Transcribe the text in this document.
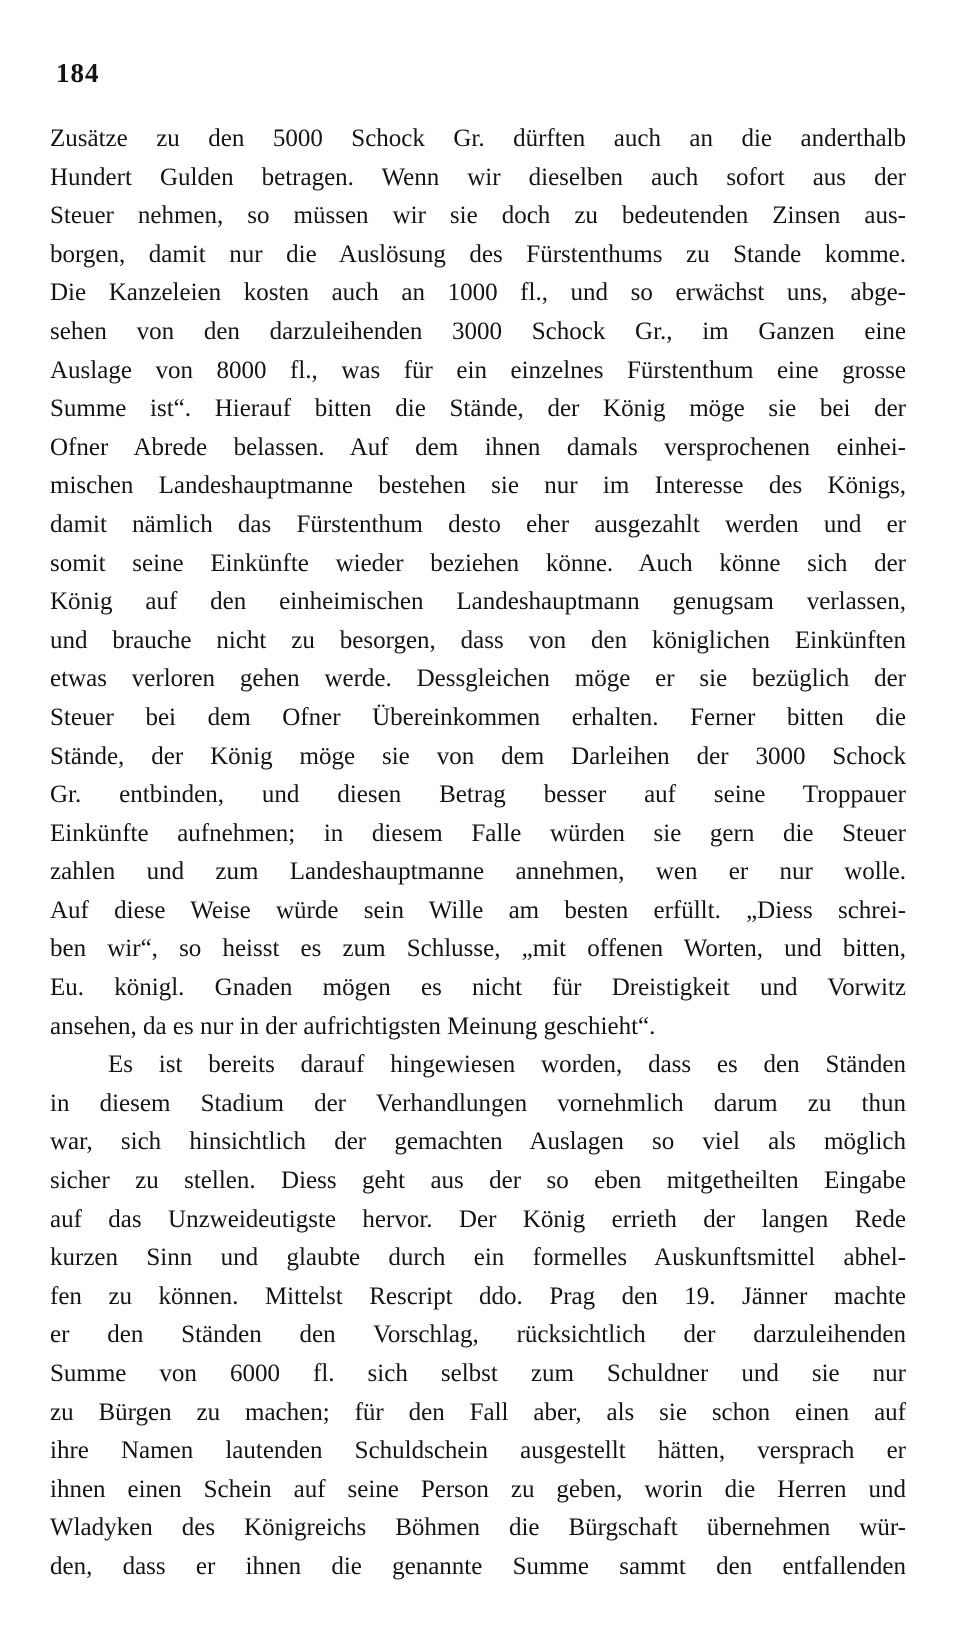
184
Zusätze zu den 5000 Schock Gr. dürften auch an die anderthalb
Hundert Gulden betragen. Wenn wir dieselben auch sofort aus der
Steuer nehmen, so müssen wir sie doch zu bedeutenden Zinsen aus-
borgen, damit nur die Auslösung des Fürstenthums zu Stande komme.
Die Kanzeleien kosten auch an 1000 fl., und so erwächst uns, abge-
sehen von den darzuleihenden 3000 Schock Gr., im Ganzen eine
Auslage von 8000 fl., was für ein einzelnes Fürstenthum eine grosse
Summe ist“. Hierauf bitten die Stände, der König möge sie bei der
Ofner Abrede belassen. Auf dem ihnen damals versprochenen einhei-
mischen Landeshauptmanne bestehen sie nur im Interesse des Königs,
damit nämlich das Fürstenthum desto eher ausgezahlt werden und er
somit seine Einkünfte wieder beziehen könne. Auch könne sich der
König auf den einheimischen Landeshauptmann genugsam verlassen,
und brauche nicht zu besorgen, dass von den königlichen Einkünften
etwas verloren gehen werde. Dessgleichen möge er sie bezüglich der
Steuer bei dem Ofner Übereinkommen erhalten. Ferner bitten die
Stände, der König möge sie von dem Darleihen der 3000 Schock
Gr. entbinden, und diesen Betrag besser auf seine Troppauer
Einkünfte aufnehmen; in diesem Falle würden sie gern die Steuer
zahlen und zum Landeshauptmanne annehmen, wen er nur wolle.
Auf diese Weise würde sein Wille am besten erfüllt. „Diess schrei-
ben wir“, so heisst es zum Schlusse, „mit offenen Worten, und bitten,
Eu. königl. Gnaden mögen es nicht für Dreistigkeit und Vorwitz
ansehen, da es nur in der aufrichtigsten Meinung geschieht“.
Es ist bereits darauf hingewiesen worden, dass es den Ständen
in diesem Stadium der Verhandlungen vornehmlich darum zu thun
war, sich hinsichtlich der gemachten Auslagen so viel als möglich
sicher zu stellen. Diess geht aus der so eben mitgetheilten Eingabe
auf das Unzweideutigste hervor. Der König errieth der langen Rede
kurzen Sinn und glaubte durch ein formelles Auskunftsmittel abhel-
fen zu können. Mittelst Rescript ddo. Prag den 19. Jänner machte
er den Ständen den Vorschlag, rücksichtlich der darzuleihenden
Summe von 6000 fl. sich selbst zum Schuldner und sie nur
zu Bürgen zu machen; für den Fall aber, als sie schon einen auf
ihre Namen lautenden Schuldschein ausgestellt hätten, versprach er
ihnen einen Schein auf seine Person zu geben, worin die Herren und
Wladyken des Königreichs Böhmen die Bürgschaft übernehmen wür-
den, dass er ihnen die genannte Summe sammt den entfallenden
